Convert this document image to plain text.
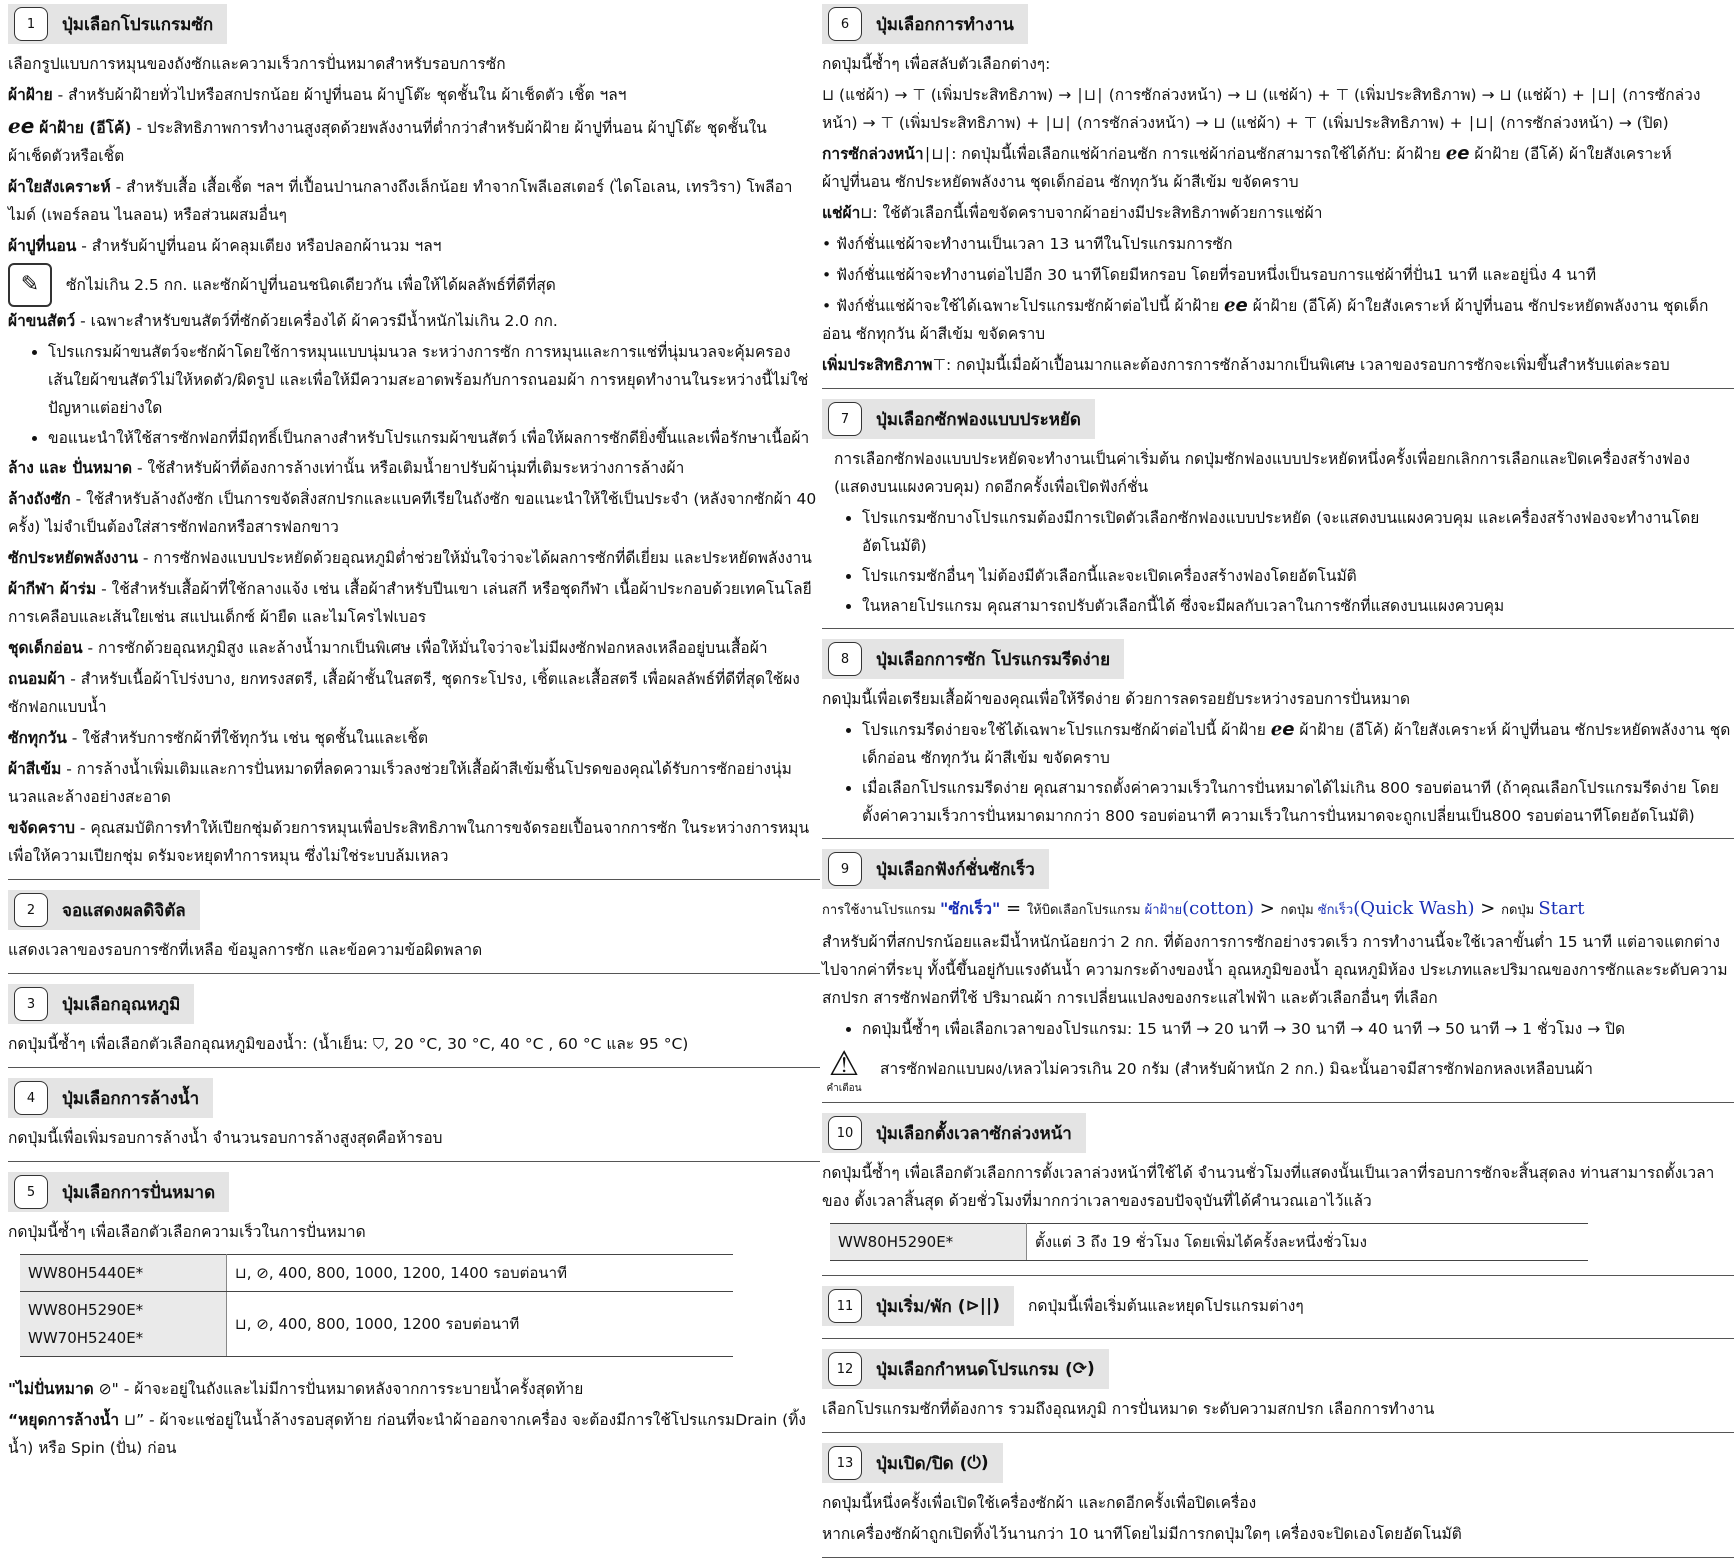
1	ปุ่มเลือกโปรแกรมซัก

เลือกรูปแบบการหมุนของถังซักและความเร็วการปั่นหมาดสำหรับรอบการซัก

ผ้าฝ้าย - สำหรับผ้าฝ้ายทั่วไปหรือสกปรกน้อย ผ้าปูที่นอน ผ้าปูโต๊ะ ชุดชั้นใน ผ้าเช็ดตัว เชิ้ต ฯลฯ

ℯe ผ้าฝ้าย (อีโค้) - ประสิทธิภาพการทำงานสูงสุดด้วยพลังงานที่ต่ำกว่าสำหรับผ้าฝ้าย ผ้าปูที่นอน ผ้าปูโต๊ะ ชุดชั้นใน ผ้าเช็ดตัวหรือเชิ้ต

ผ้าใยสังเคราะห์ - สำหรับเสื้อ เสื้อเชิ้ต ฯลฯ ที่เปื้อนปานกลางถึงเล็กน้อย ทำจากโพลีเอสเตอร์ (ไดโอเลน, เทรวิรา) โพลีอาไมด์ (เพอร์ลอน ไนลอน) หรือส่วนผสมอื่นๆ

ผ้าปูที่นอน - สำหรับผ้าปูที่นอน ผ้าคลุมเตียง หรือปลอกผ้านวม ฯลฯ

✎	ซักไม่เกิน 2.5 กก. และซักผ้าปูที่นอนชนิดเดียวกัน เพื่อให้ได้ผลลัพธ์ที่ดีที่สุด

ผ้าขนสัตว์ - เฉพาะสำหรับขนสัตว์ที่ซักด้วยเครื่องได้ ผ้าควรมีน้ำหนักไม่เกิน 2.0 กก.

• โปรแกรมผ้าขนสัตว์จะซักผ้าโดยใช้การหมุนแบบนุ่มนวล ระหว่างการซัก การหมุนและการแช่ที่นุ่มนวลจะคุ้มครองเส้นใยผ้าขนสัตว์ไม่ให้หดตัว/ผิดรูป และเพื่อให้มีความสะอาดพร้อมกับการถนอมผ้า การหยุดทำงานในระหว่างนี้ไม่ใช่ปัญหาแต่อย่างใด
• ขอแนะนำให้ใช้สารซักฟอกที่มีฤทธิ์เป็นกลางสำหรับโปรแกรมผ้าขนสัตว์ เพื่อให้ผลการซักดียิ่งขึ้นและเพื่อรักษาเนื้อผ้า

ล้าง และ ปั่นหมาด - ใช้สำหรับผ้าที่ต้องการล้างเท่านั้น หรือเติมน้ำยาปรับผ้านุ่มที่เติมระหว่างการล้างผ้า

ล้างถังซัก - ใช้สำหรับล้างถังซัก เป็นการขจัดสิ่งสกปรกและแบคทีเรียในถังซัก ขอแนะนำให้ใช้เป็นประจำ (หลังจากซักผ้า 40 ครั้ง) ไม่จำเป็นต้องใส่สารซักฟอกหรือสารฟอกขาว

ซักประหยัดพลังงาน - การซักฟองแบบประหยัดด้วยอุณหภูมิต่ำช่วยให้มั่นใจว่าจะได้ผลการซักที่ดีเยี่ยม และประหยัดพลังงาน

ผ้ากีฬา ผ้าร่ม - ใช้สำหรับเสื้อผ้าที่ใช้กลางแจ้ง เช่น เสื้อผ้าสำหรับปีนเขา เล่นสกี หรือชุดกีฬา เนื้อผ้าประกอบด้วยเทคโนโลยีการเคลือบและเส้นใยเช่น สแปนเด็กซ์ ผ้ายืด และไมโครไฟเบอร

ชุดเด็กอ่อน - การซักด้วยอุณหภูมิสูง และล้างน้ำมากเป็นพิเศษ เพื่อให้มั่นใจว่าจะไม่มีผงซักฟอกหลงเหลืออยู่บนเสื้อผ้า

ถนอมผ้า - สำหรับเนื้อผ้าโปร่งบาง, ยกทรงสตรี, เสื้อผ้าชั้นในสตรี, ชุดกระโปรง, เชิ้ตและเสื้อสตรี เพื่อผลลัพธ์ที่ดีที่สุดใช้ผงซักฟอกแบบน้ำ

ซักทุกวัน - ใช้สำหรับการซักผ้าที่ใช้ทุกวัน เช่น ชุดชั้นในและเชิ้ต

ผ้าสีเข้ม - การล้างน้ำเพิ่มเติมและการปั่นหมาดที่ลดความเร็วลงช่วยให้เสื้อผ้าสีเข้มชิ้นโปรดของคุณได้รับการซักอย่างนุ่มนวลและล้างอย่างสะอาด

ขจัดคราบ - คุณสมบัติการทำให้เปียกชุ่มด้วยการหมุนเพื่อประสิทธิภาพในการขจัดรอยเปื้อนจากการซัก ในระหว่างการหมุนเพื่อให้ความเปียกชุ่ม ดรัมจะหยุดทำการหมุน ซึ่งไม่ใช่ระบบล้มเหลว

2	จอแสดงผลดิจิตัล

แสดงเวลาของรอบการซักที่เหลือ ข้อมูลการซัก และข้อความข้อผิดพลาด

3	ปุ่มเลือกอุณหภูมิ

กดปุ่มนี้ซ้ำๆ เพื่อเลือกตัวเลือกอุณหภูมิของน้ำ: (น้ำเย็น: ⛉, 20 °C, 30 °C, 40 °C , 60 °C และ 95 °C)

4	ปุ่มเลือกการล้างน้ำ

กดปุ่มนี้เพื่อเพิ่มรอบการล้างน้ำ จำนวนรอบการล้างสูงสุดคือห้ารอบ

5	ปุ่มเลือกการปั่นหมาด

กดปุ่มนี้ซ้ำๆ เพื่อเลือกตัวเลือกความเร็วในการปั่นหมาด

WW80H5440E*	⊔, ⊘, 400, 800, 1000, 1200, 1400 รอบต่อนาที

WW80H5290E*
WW70H5240E*	⊔, ⊘, 400, 800, 1000, 1200 รอบต่อนาที

"ไม่ปั่นหมาด ⊘" - ผ้าจะอยู่ในถังและไม่มีการปั่นหมาดหลังจากการระบายน้ำครั้งสุดท้าย

“หยุดการล้างน้ำ ⊔” - ผ้าจะแช่อยู่ในน้ำล้างรอบสุดท้าย ก่อนที่จะนำผ้าออกจากเครื่อง จะต้องมีการใช้โปรแกรมDrain (ทิ้งน้ำ) หรือ Spin (ปั่น) ก่อน

6	ปุ่มเลือกการทำงาน

กดปุ่มนี้ซ้ำๆ เพื่อสลับตัวเลือกต่างๆ:

⊔ (แช่ผ้า) → ⊤ (เพิ่มประสิทธิภาพ) → ∣⊔∣ (การซักล่วงหน้า) → ⊔ (แช่ผ้า) + ⊤ (เพิ่มประสิทธิภาพ) → ⊔ (แช่ผ้า) + ∣⊔∣ (การซักล่วงหน้า) → ⊤ (เพิ่มประสิทธิภาพ) + ∣⊔∣ (การซักล่วงหน้า) → ⊔ (แช่ผ้า) + ⊤ (เพิ่มประสิทธิภาพ) + ∣⊔∣ (การซักล่วงหน้า) → (ปิด)

การซักล่วงหน้า∣⊔∣: กดปุ่มนี้เพื่อเลือกแช่ผ้าก่อนซัก การแช่ผ้าก่อนซักสามารถใช้ได้กับ: ผ้าฝ้าย ℯe ผ้าฝ้าย (อีโค้) ผ้าใยสังเคราะห์ ผ้าปูที่นอน ซักประหยัดพลังงาน ชุดเด็กอ่อน ซักทุกวัน ผ้าสีเข้ม ขจัดคราบ

แช่ผ้า⊔: ใช้ตัวเลือกนี้เพื่อขจัดคราบจากผ้าอย่างมีประสิทธิภาพด้วยการแช่ผ้า

• ฟังก์ชั่นแช่ผ้าจะทำงานเป็นเวลา 13 นาทีในโปรแกรมการซัก

• ฟังก์ชั่นแช่ผ้าจะทำงานต่อไปอีก 30 นาทีโดยมีหกรอบ โดยที่รอบหนึ่งเป็นรอบการแช่ผ้าที่ปั่น1 นาที และอยู่นิ่ง 4 นาที

• ฟังก์ชั่นแช่ผ้าจะใช้ได้เฉพาะโปรแกรมซักผ้าต่อไปนี้ ผ้าฝ้าย ℯe ผ้าฝ้าย (อีโค้) ผ้าใยสังเคราะห์ ผ้าปูที่นอน ซักประหยัดพลังงาน ชุดเด็กอ่อน ซักทุกวัน ผ้าสีเข้ม ขจัดคราบ

เพิ่มประสิทธิภาพ⊤: กดปุ่มนี้เมื่อผ้าเปื้อนมากและต้องการการซักล้างมากเป็นพิเศษ เวลาของรอบการซักจะเพิ่มขึ้นสำหรับแต่ละรอบ

7	ปุ่มเลือกซักฟองแบบประหยัด

การเลือกซักฟองแบบประหยัดจะทำงานเป็นค่าเริ่มต้น กดปุ่มซักฟองแบบประหยัดหนึ่งครั้งเพื่อยกเลิกการเลือกและปิดเครื่องสร้างฟอง (แสดงบนแผงควบคุม) กดอีกครั้งเพื่อเปิดฟังก์ชั่น

• โปรแกรมซักบางโปรแกรมต้องมีการเปิดตัวเลือกซักฟองแบบประหยัด (จะแสดงบนแผงควบคุม และเครื่องสร้างฟองจะทำงานโดยอัตโนมัติ)
• โปรแกรมซักอื่นๆ ไม่ต้องมีตัวเลือกนี้และจะเปิดเครื่องสร้างฟองโดยอัตโนมัติ
• ในหลายโปรแกรม คุณสามารถปรับตัวเลือกนี้ได้ ซึ่งจะมีผลกับเวลาในการซักที่แสดงบนแผงควบคุม
8	ปุ่มเลือกการซัก โปรแกรมรีดง่าย

กดปุ่มนี้เพื่อเตรียมเสื้อผ้าของคุณเพื่อให้รีดง่าย ด้วยการลดรอยยับระหว่างรอบการปั่นหมาด

• โปรแกรมรีดง่ายจะใช้ได้เฉพาะโปรแกรมซักผ้าต่อไปนี้ ผ้าฝ้าย ℯe ผ้าฝ้าย (อีโค้) ผ้าใยสังเคราะห์ ผ้าปูที่นอน ซักประหยัดพลังงาน ชุดเด็กอ่อน ซักทุกวัน ผ้าสีเข้ม ขจัดคราบ
• เมื่อเลือกโปรแกรมรีดง่าย คุณสามารถตั้งค่าความเร็วในการปั่นหมาดได้ไม่เกิน 800 รอบต่อนาที (ถ้าคุณเลือกโปรแกรมรีดง่าย โดยตั้งค่าความเร็วการปั่นหมาดมากกว่า 800 รอบต่อนาที ความเร็วในการปั่นหมาดจะถูกเปลี่ยนเป็น800 รอบต่อนาทีโดยอัตโนมัติ)
9	ปุ่มเลือกฟังก์ชั่นซักเร็ว

การใช้งานโปรแกรม "ซักเร็ว" = ให้บิดเลือกโปรแกรม ผ้าฝ้าย(cotton) > กดปุ่ม ซักเร็ว(Quick Wash) > กดปุ่ม Start

สำหรับผ้าที่สกปรกน้อยและมีน้ำหนักน้อยกว่า 2 กก. ที่ต้องการการซักอย่างรวดเร็ว การทำงานนี้จะใช้เวลาขั้นต่ำ 15 นาที แต่อาจแตกต่างไปจากค่าที่ระบุ ทั้งนี้ขึ้นอยู่กับแรงดันน้ำ ความกระด้างของน้ำ อุณหภูมิของน้ำ อุณหภูมิห้อง ประเภทและปริมาณของการซักและระดับความสกปรก สารซักฟอกที่ใช้ ปริมาณผ้า การเปลี่ยนแปลงของกระแสไฟฟ้า และตัวเลือกอื่นๆ ที่เลือก

• กดปุ่มนี้ซ้ำๆ เพื่อเลือกเวลาของโปรแกรม: 15 นาที → 20 นาที → 30 นาที → 40 นาที → 50 นาที → 1 ชั่วโมง → ปิด
⚠
คำเตือน

สารซักฟอกแบบผง/เหลวไม่ควรเกิน 20 กรัม (สำหรับผ้าหนัก 2 กก.) มิฉะนั้นอาจมีสารซักฟอกหลงเหลือบนผ้า

10	ปุ่มเลือกตั้งเวลาซักล่วงหน้า

กดปุ่มนี้ซ้ำๆ เพื่อเลือกตัวเลือกการตั้งเวลาล่วงหน้าที่ใช้ได้ จำนวนชั่วโมงที่แสดงนั้นเป็นเวลาที่รอบการซักจะสิ้นสุดลง ท่านสามารถตั้งเวลาของ ตั้งเวลาสิ้นสุด ด้วยชั่วโมงที่มากกว่าเวลาของรอบปัจจุบันที่ได้คำนวณเอาไว้แล้ว

WW80H5290E*	ตั้งแต่ 3 ถึง 19 ชั่วโมง โดยเพิ่มได้ครั้งละหนึ่งชั่วโมง
11	ปุ่มเริ่ม/พัก ( ⊳|| ) กดปุ่มนี้เพื่อเริ่มต้นและหยุดโปรแกรมต่างๆ

12	ปุ่มเลือกกำหนดโปรแกรม ( ⟳ )

เลือกโปรแกรมซักที่ต้องการ รวมถึงอุณหภูมิ การปั่นหมาด ระดับความสกปรก เลือกการทำงาน

13	ปุ่มเปิด/ปิด ( ⏻ )

กดปุ่มนี้หนึ่งครั้งเพื่อเปิดใช้เครื่องซักผ้า และกดอีกครั้งเพื่อปิดเครื่อง

หากเครื่องซักผ้าถูกเปิดทิ้งไว้นานกว่า 10 นาทีโดยไม่มีการกดปุ่มใดๆ เครื่องจะปิดเองโดยอัตโนมัติ
